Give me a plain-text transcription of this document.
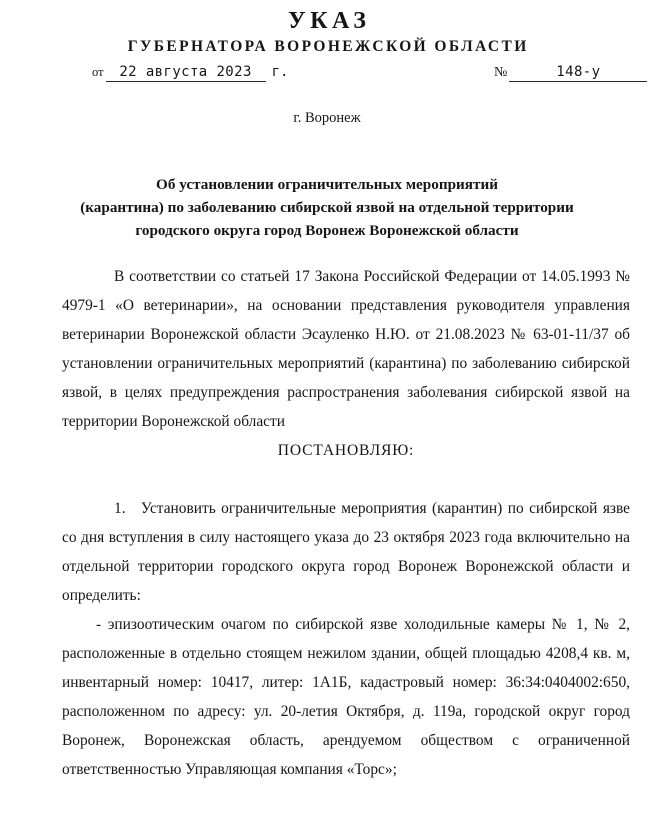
УКАЗ
ГУБЕРНАТОРА ВОРОНЕЖСКОЙ ОБЛАСТИ
от	22 августа 2023	г.	№	148-у
г. Воронеж
Об установлении ограничительных мероприятий
(карантина) по заболеванию сибирской язвой на отдельной территории
городского округа город Воронеж Воронежской области

В соответствии со статьей 17 Закона Российской Федерации от 14.05.1993 № 4979-1 «О ветеринарии», на основании представления руководителя управления ветеринарии Воронежской области Эсауленко Н.Ю. от 21.08.2023 № 63-01-11/37 об установлении ограничительных мероприятий (карантина) по заболеванию сибирской язвой, в целях предупреждения распространения заболевания сибирской язвой на территории Воронежской области

ПОСТАНОВЛЯЮ:

1. Установить ограничительные мероприятия (карантин) по сибирской язве со дня вступления в силу настоящего указа до 23 октября 2023 года включительно на отдельной территории городского округа город Воронеж Воронежской области и определить:

- эпизоотическим очагом по сибирской язве холодильные камеры № 1, № 2, расположенные в отдельно стоящем нежилом здании, общей площадью 4208,4 кв. м, инвентарный номер: 10417, литер: 1А1Б, кадастровый номер: 36:34:0404002:650, расположенном по адресу: ул. 20-летия Октября, д. 119а, городской округ город Воронеж, Воронежская область, арендуемом обществом с ограниченной ответственностью Управляющая компания «Торс»;
